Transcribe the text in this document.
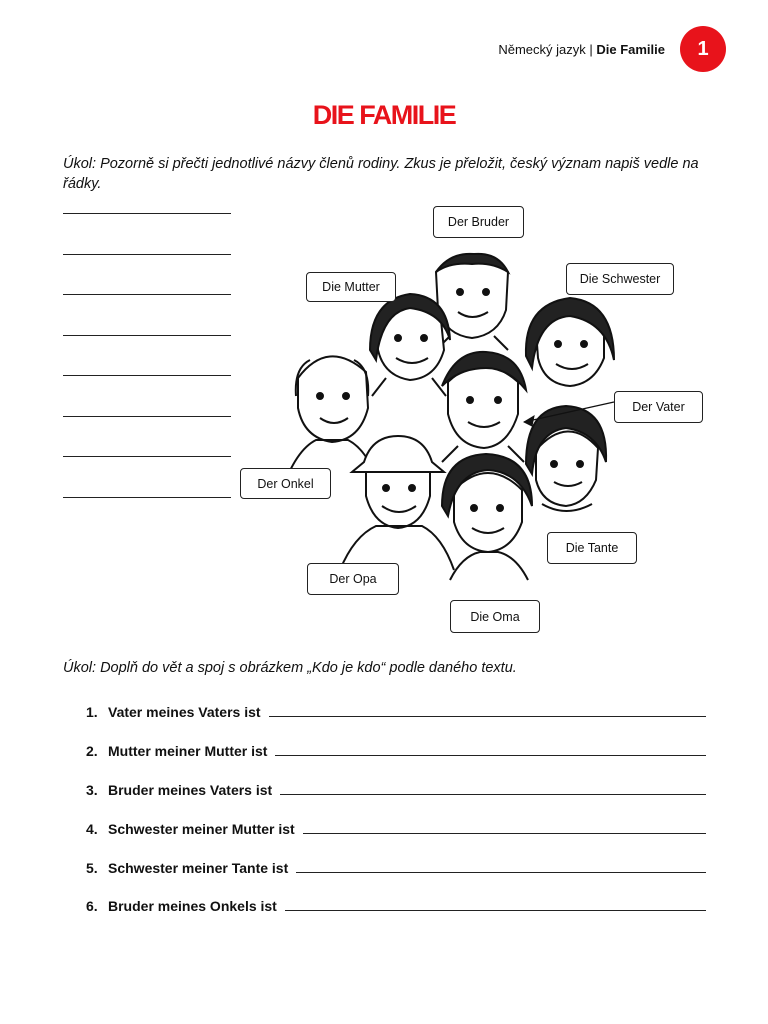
Německý jazyk | Die Familie	1
DIE FAMILIE
Úkol: Pozorně si přečti jednotlivé názvy členů rodiny. Zkus je přeložit, český význam napiš vedle na řádky.
Der Bruder
Die Mutter
Die Schwester
Der Vater
Der Onkel
Die Tante
Der Opa
Die Oma
Úkol: Doplň do vět a spoj s obrázkem „Kdo je kdo“ podle daného textu.
1. Vater meines Vaters ist
2. Mutter meiner Mutter ist
3. Bruder meines Vaters ist
4. Schwester meiner Mutter ist
5. Schwester meiner Tante ist
6. Bruder meines Onkels ist
